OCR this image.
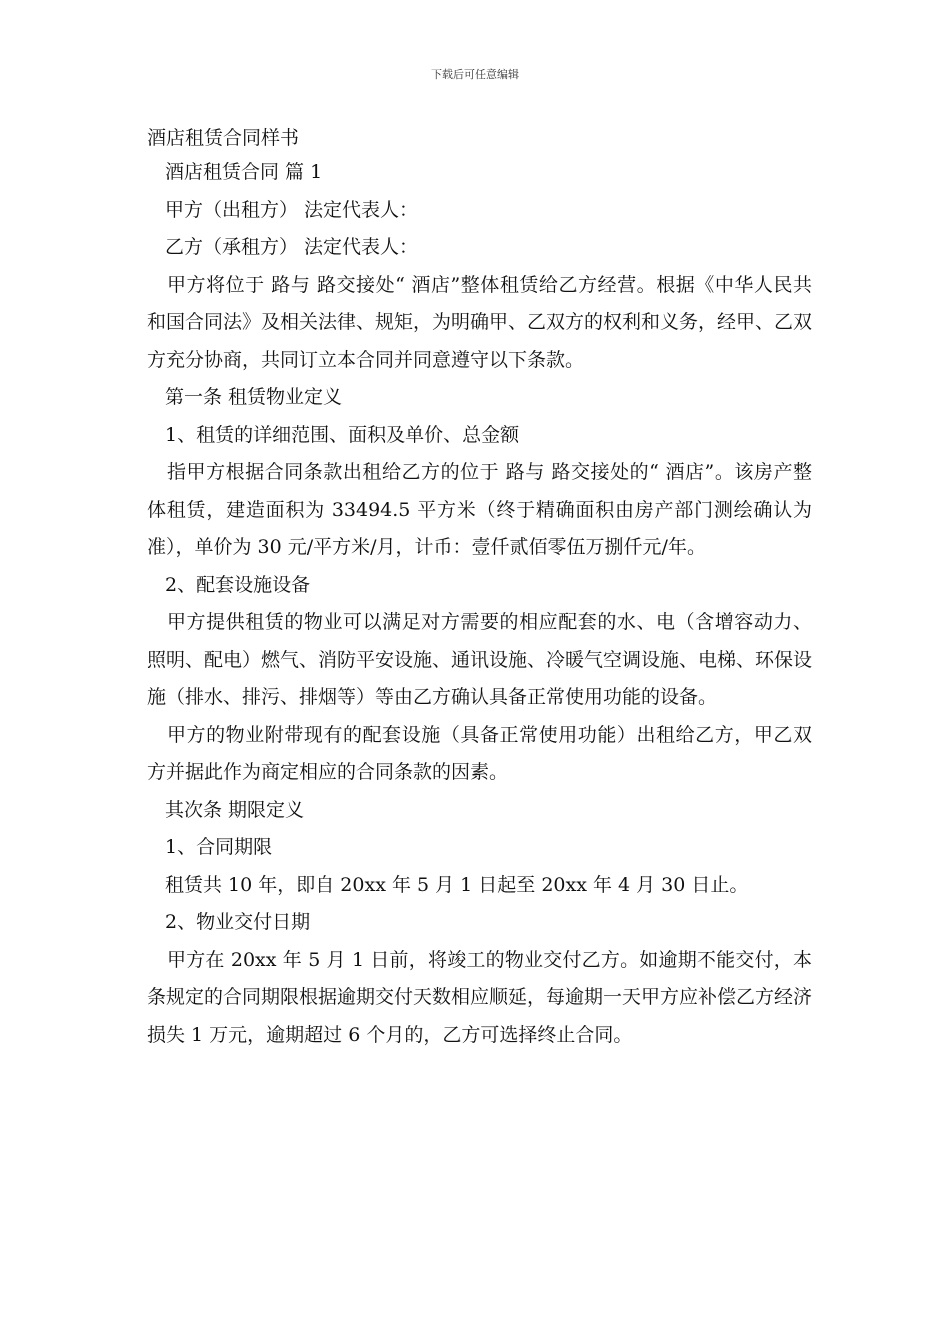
下载后可任意编辑
酒店租赁合同样书

酒店租赁合同 篇 1

甲方（出租方） 法定代表人：

乙方（承租方） 法定代表人：

甲方将位于 路与 路交接处“ 酒店”整体租赁给乙方经营。根据《中华人民共和国合同法》及相关法律、规矩，为明确甲、乙双方的权利和义务，经甲、乙双方充分协商，共同订立本合同并同意遵守以下条款。

第一条 租赁物业定义

1、租赁的详细范围、面积及单价、总金额

指甲方根据合同条款出租给乙方的位于 路与 路交接处的“ 酒店”。该房产整体租赁，建造面积为 33494.5 平方米（终于精确面积由房产部门测绘确认为准），单价为 30 元/平方米/月，计币：壹仟贰佰零伍万捌仟元/年。

2、配套设施设备

甲方提供租赁的物业可以满足对方需要的相应配套的水、电（含增容动力、照明、配电）燃气、消防平安设施、通讯设施、冷暖气空调设施、电梯、环保设施（排水、排污、排烟等）等由乙方确认具备正常使用功能的设备。

甲方的物业附带现有的配套设施（具备正常使用功能）出租给乙方，甲乙双方并据此作为商定相应的合同条款的因素。

其次条 期限定义

1、合同期限

租赁共 10 年，即自 20xx 年 5 月 1 日起至 20xx 年 4 月 30 日止。

2、物业交付日期

甲方在 20xx 年 5 月 1 日前，将竣工的物业交付乙方。如逾期不能交付，本条规定的合同期限根据逾期交付天数相应顺延，每逾期一天甲方应补偿乙方经济损失 1 万元，逾期超过 6 个月的，乙方可选择终止合同。
